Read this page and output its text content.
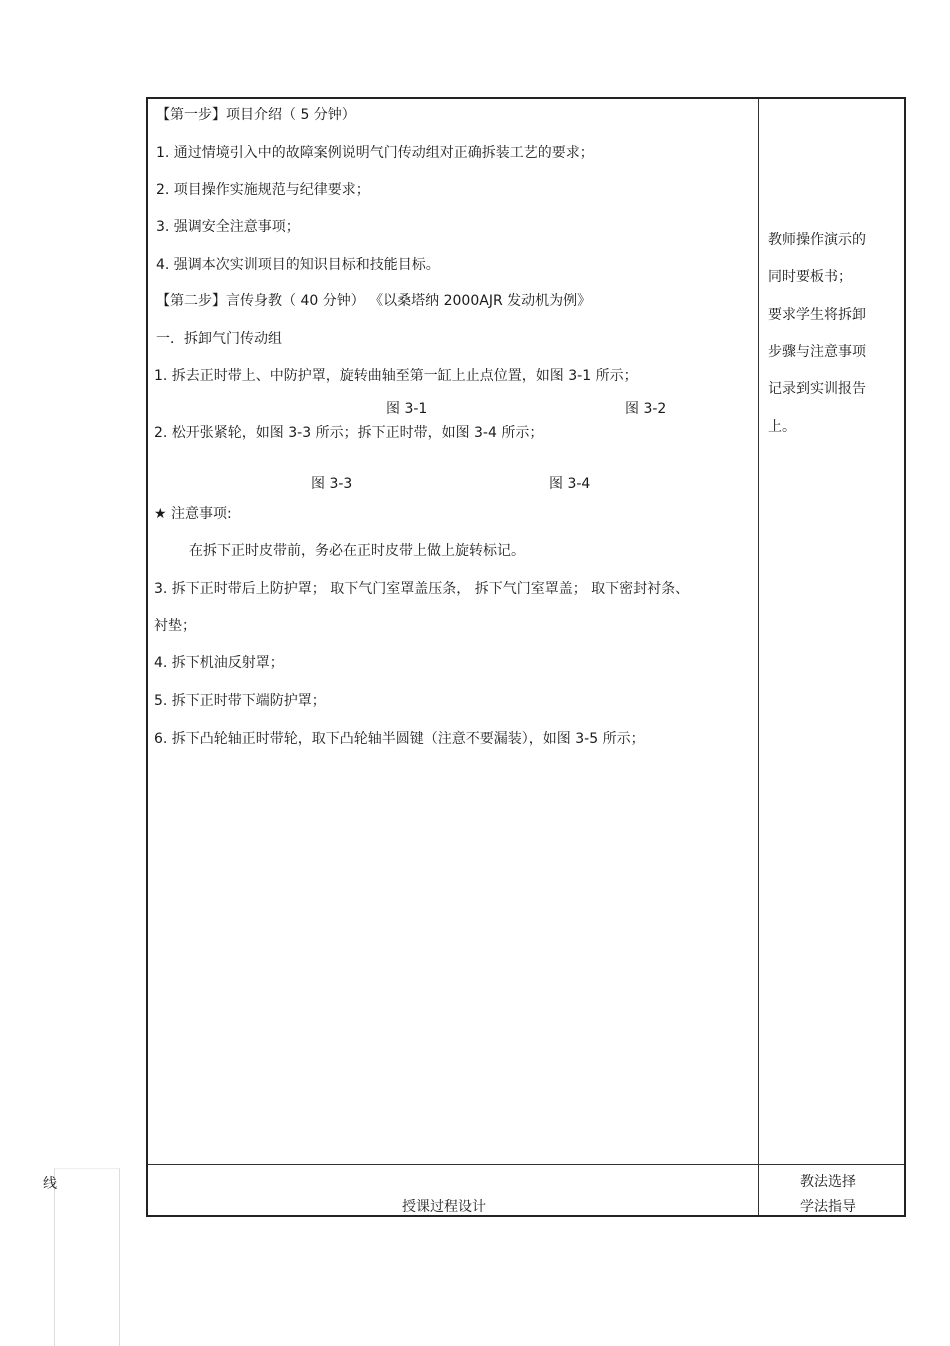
【第一步】项目介绍（ 5 分钟）
1. 通过情境引入中的故障案例说明气门传动组对正确拆装工艺的要求；
2. 项目操作实施规范与纪律要求；
3. 强调安全注意事项；
4. 强调本次实训项目的知识目标和技能目标。
【第二步】言传身教（ 40 分钟） 《以桑塔纳 2000AJR 发动机为例》
一．拆卸气门传动组
1. 拆去正时带上、中防护罩，旋转曲轴至第一缸上止点位置，如图 3-1 所示；
图 3-1	图 3-2
2. 松开张紧轮，如图 3-3 所示；拆下正时带，如图 3-4 所示；
图 3-3	图 3-4
★ 注意事项:
在拆下正时皮带前，务必在正时皮带上做上旋转标记。
3. 拆下正时带后上防护罩； 取下气门室罩盖压条， 拆下气门室罩盖； 取下密封衬条、
衬垫；
4. 拆下机油反射罩；
5. 拆下正时带下端防护罩；
6. 拆下凸轮轴正时带轮，取下凸轮轴半圆键（注意不要漏装），如图 3-5 所示；
教师操作演示的
同时要板书；
要求学生将拆卸
步骤与注意事项
记录到实训报告
上。
授课过程设计
教法选择
学法指导
线
